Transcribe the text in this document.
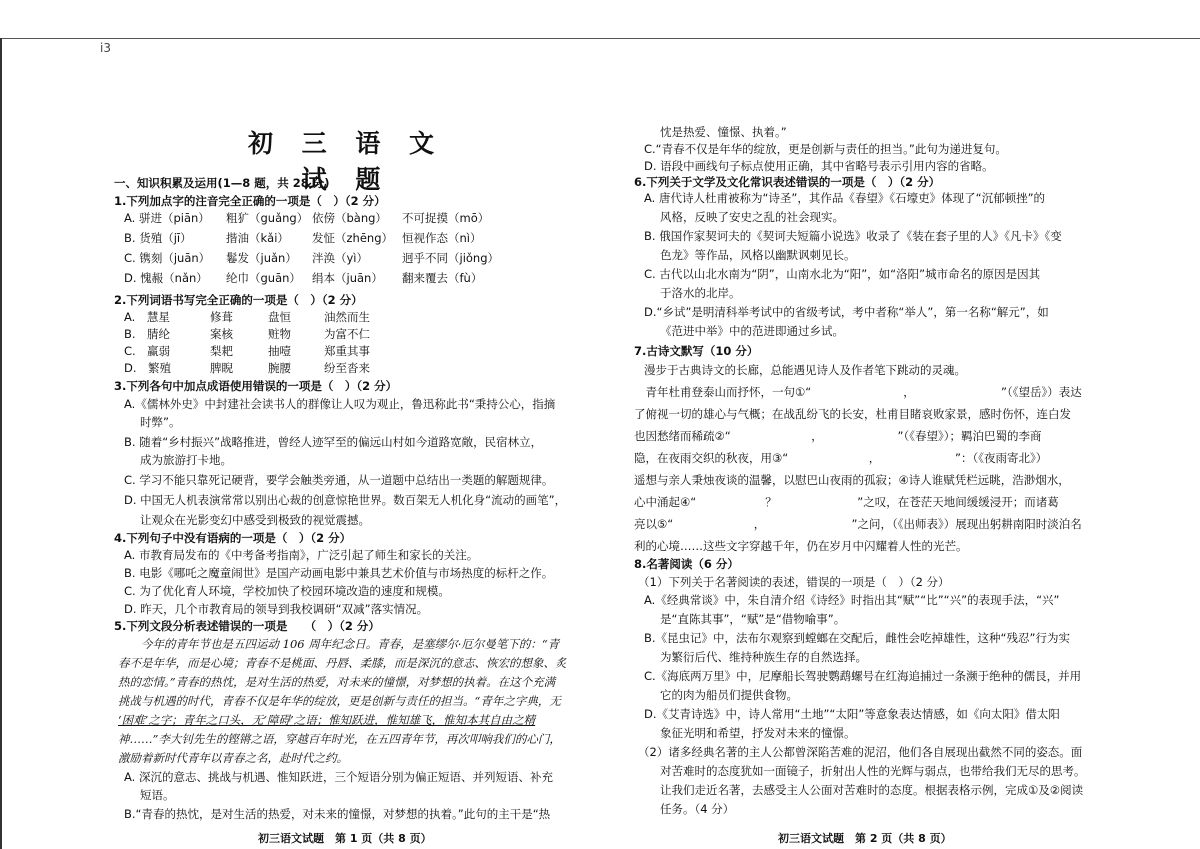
i3
初 三 语 文 试 题
一、知识积累及运用(1—8 题，共 28 分)
1.下列加点字的注音完全正确的一项是（　）（2 分）
A. 骈进（piān） 粗犷（guǎng） 依傍（bàng） 不可捉摸（mō）
B. 货殖（jī）	揩油（kǎi） 发怔（zhēng） 恒视作态（nì）
C. 镌刻（juān） 鬈发（juǎn） 泮涣（yì）	迥乎不同（jiǒng）
D. 愧赧（nǎn） 纶巾（guān） 绢本（juān） 翻来覆去（fù）
2.下列词语书写完全正确的一项是（　）（2 分）
A.　慧星	修葺	盘恒	油然而生
B.　腈纶	案核	赃物	为富不仁
C.　赢弱	梨耙	抽噎	郑重其事
D.　繁殖	脾睨	腕腰	纷至沓来
3.下列各句中加点成语使用错误的一项是（　）（2 分）
A.《儒林外史》中封建社会读书人的群像让人叹为观止，鲁迅称此书“秉持公心，指摘
时弊”。
B. 随着“乡村振兴”战略推进，曾经人迹罕至的偏远山村如今道路宽敞，民宿林立，
成为旅游打卡地。
C. 学习不能只靠死记硬背，要学会触类旁通，从一道题中总结出一类题的解题规律。
D. 中国无人机表演常常以别出心裁的创意惊艳世界。数百架无人机化身“流动的画笔”，
让观众在光影变幻中感受到极致的视觉震撼。
4.下列句子中没有语病的一项是（　）（2 分）
A. 市教育局发布的《中考备考指南》，广泛引起了师生和家长的关注。
B. 电影《哪吒之魔童闹世》是国产动画电影中兼具艺术价值与市场热度的标杆之作。
C. 为了优化育人环境，学校加快了校园环境改造的速度和规模。
D. 昨天，几个市教育局的领导到我校调研“双减”落实情况。
5.下列文段分析表述错误的一项是　　（　）（2 分）
　　今年的青年节也是五四运动 106 周年纪念日。青春，是塞缪尔·厄尔曼笔下的：“青
春不是年华，而是心境；青春不是桃面、丹唇、柔膝，而是深沉的意志、恢宏的想象、炙
热的恋情。”青春的热忱，是对生活的热爱，对未来的憧憬，对梦想的执着。在这个充满
挑战与机遇的时代，青春不仅是年华的绽放，更是创新与责任的担当。“青年之字典，无
‘困难’之字；青年之口头，无‘障碍’之语；惟知跃进，惟知雄飞，惟知本其自由之精
神……”李大钊先生的铿锵之语，穿越百年时光，在五四青年节，再次叩响我们的心门，
激励着新时代青年以青春之名，赴时代之约。
A. 深沉的意志、挑战与机遇、惟知跃进，三个短语分别为偏正短语、并列短语、补充
短语。
B.“青春的热忱，是对生活的热爱，对未来的憧憬，对梦想的执着。”此句的主干是“热
初三语文试题　第 1 页（共 8 页）
忱是热爱、憧憬、执着。”
C.“青春不仅是年华的绽放，更是创新与责任的担当。”此句为递进复句。
D. 语段中画线句子标点使用正确，其中省略号表示引用内容的省略。
6.下列关于文学及文化常识表述错误的一项是（　）（2 分）
A. 唐代诗人杜甫被称为“诗圣”，其作品《春望》《石壕吏》体现了“沉郁顿挫”的
风格，反映了安史之乱的社会现实。
B. 俄国作家契诃夫的《契诃夫短篇小说选》收录了《装在套子里的人》《凡卡》《变
色龙》等作品，风格以幽默讽刺见长。
C. 古代以山北水南为“阴”，山南水北为“阳”，如“洛阳”城市命名的原因是因其
于洛水的北岸。
D.“乡试”是明清科举考试中的省级考试，考中者称“举人”，第一名称“解元”，如
《范进中举》中的范进即通过乡试。
7.古诗文默写（10 分）
漫步于古典诗文的长廊，总能遇见诗人及作者笔下跳动的灵魂。
　青年杜甫登泰山而抒怀，一句①“　　　　　　　　，　　　　　　　　”（《望岳》）表达
了俯视一切的雄心与气概；在战乱纷飞的长安，杜甫目睹哀败家景，感时伤怀，连白发
也因愁绪而稀疏②“　　　　　　　，　　　　　　　”（《春望》）；羁泊巴蜀的李商
隐，在夜雨交织的秋夜，用③“　　　　　　　，　　　　　　　”：（《夜雨寄北》）
遥想与亲人秉烛夜谈的温馨，以慰巴山夜雨的孤寂；④诗人谁赋凭栏远眺，浩渺烟水，
心中涌起④“　　　　　　？　　　　　　　”之叹，在苍茫天地间缓缓浸开；而诸葛
亮以⑤“　　　　　　　，　　　　　　　　”之问，（《出师表》）展现出躬耕南阳时淡泊名
利的心境……这些文字穿越千年，仍在岁月中闪耀着人性的光芒。
8.名著阅读（6 分）
（1）下列关于名著阅读的表述，错误的一项是（　）（2 分）
A.《经典常谈》中，朱自清介绍《诗经》时指出其“赋”“比”“兴”的表现手法，“兴”
是“直陈其事”，“赋”是“借物喻事”。
B.《昆虫记》中，法布尔观察到螳螂在交配后，雌性会吃掉雄性，这种“残忍”行为实
为繁衍后代、维持种族生存的自然选择。
C.《海底两万里》中，尼摩船长驾驶鹦鹉螺号在红海追捕过一条濒于绝种的儒艮，并用
它的肉为船员们提供食物。
D.《艾青诗选》中，诗人常用“土地”“太阳”等意象表达情感，如《向太阳》借太阳
象征光明和希望，抒发对未来的憧憬。
（2）诸多经典名著的主人公都曾深陷苦难的泥沼，他们各自展现出截然不同的姿态。面
对苦难时的态度犹如一面镜子，折射出人性的光辉与弱点，也带给我们无尽的思考。
让我们走近名著，去感受主人公面对苦难时的态度。根据表格示例，完成①及②阅读
任务。（4 分）
初三语文试题　第 2 页（共 8 页）
